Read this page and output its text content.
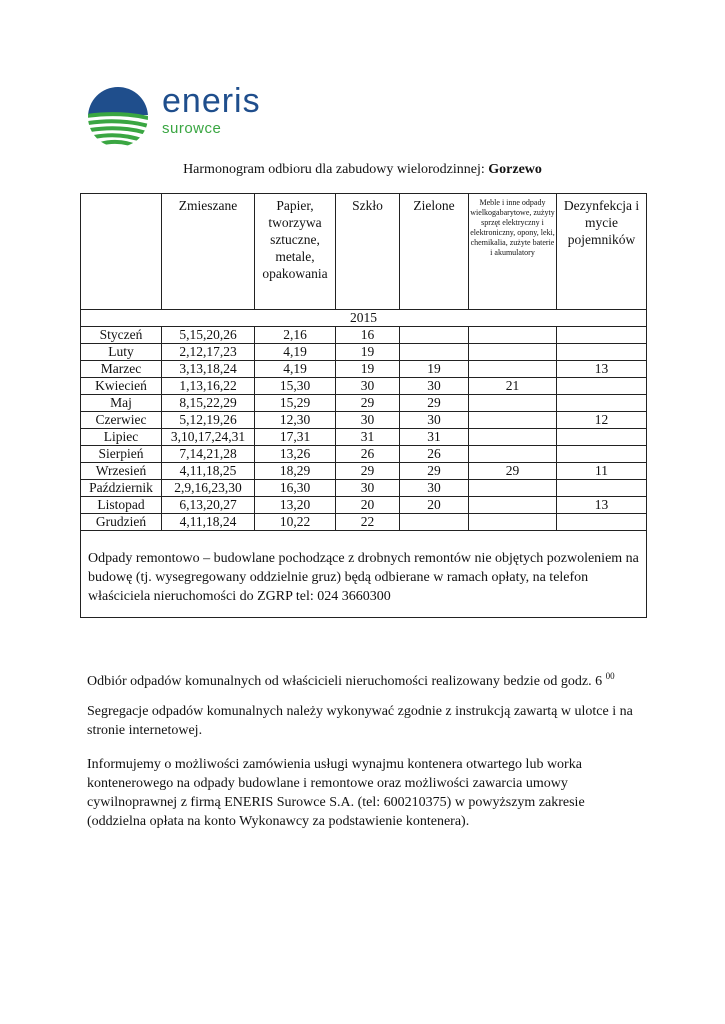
eneris
surowce
Harmonogram odbioru dla zabudowy wielorodzinnej: Gorzewo
	Zmieszane	Papier, tworzywa sztuczne, metale, opakowania	Szkło	Zielone	Meble i inne odpady wielkogabarytowe, zużyty sprzęt elektryczny i elektroniczny, opony, leki, chemikalia, zużyte baterie i akumulatory	Dezynfekcja i mycie pojemników
2015						
Styczeń	5,15,20,26	2,16	16			
Luty	2,12,17,23	4,19	19			
Marzec	3,13,18,24	4,19	19	19		13
Kwiecień	1,13,16,22	15,30	30	30	21	
Maj	8,15,22,29	15,29	29	29		
Czerwiec	5,12,19,26	12,30	30	30		12
Lipiec	3,10,17,24,31	17,31	31	31		
Sierpień	7,14,21,28	13,26	26	26		
Wrzesień	4,11,18,25	18,29	29	29	29	11
Październik	2,9,16,23,30	16,30	30	30		
Listopad	6,13,20,27	13,20	20	20		13
Grudzień	4,11,18,24	10,22	22			
Odpady remontowo – budowlane pochodzące z drobnych remontów nie objętych pozwoleniem na budowę (tj. wysegregowany oddzielnie gruz) będą odbierane w ramach opłaty, na telefon właściciela nieruchomości do ZGRP tel: 024 3660300						
Odbiór odpadów komunalnych od właścicieli nieruchomości realizowany bedzie od godz. 6 $^{00}$
Segregacje odpadów komunalnych należy wykonywać zgodnie z instrukcją zawartą w ulotce i na stronie internetowej.
Informujemy o możliwości zamówienia usługi wynajmu kontenera otwartego lub worka kontenerowego na odpady budowlane i remontowe oraz możliwości zawarcia umowy cywilnoprawnej z firmą ENERIS Surowce S.A. (tel: 600210375) w powyższym zakresie (oddzielna opłata na konto Wykonawcy za podstawienie kontenera).
